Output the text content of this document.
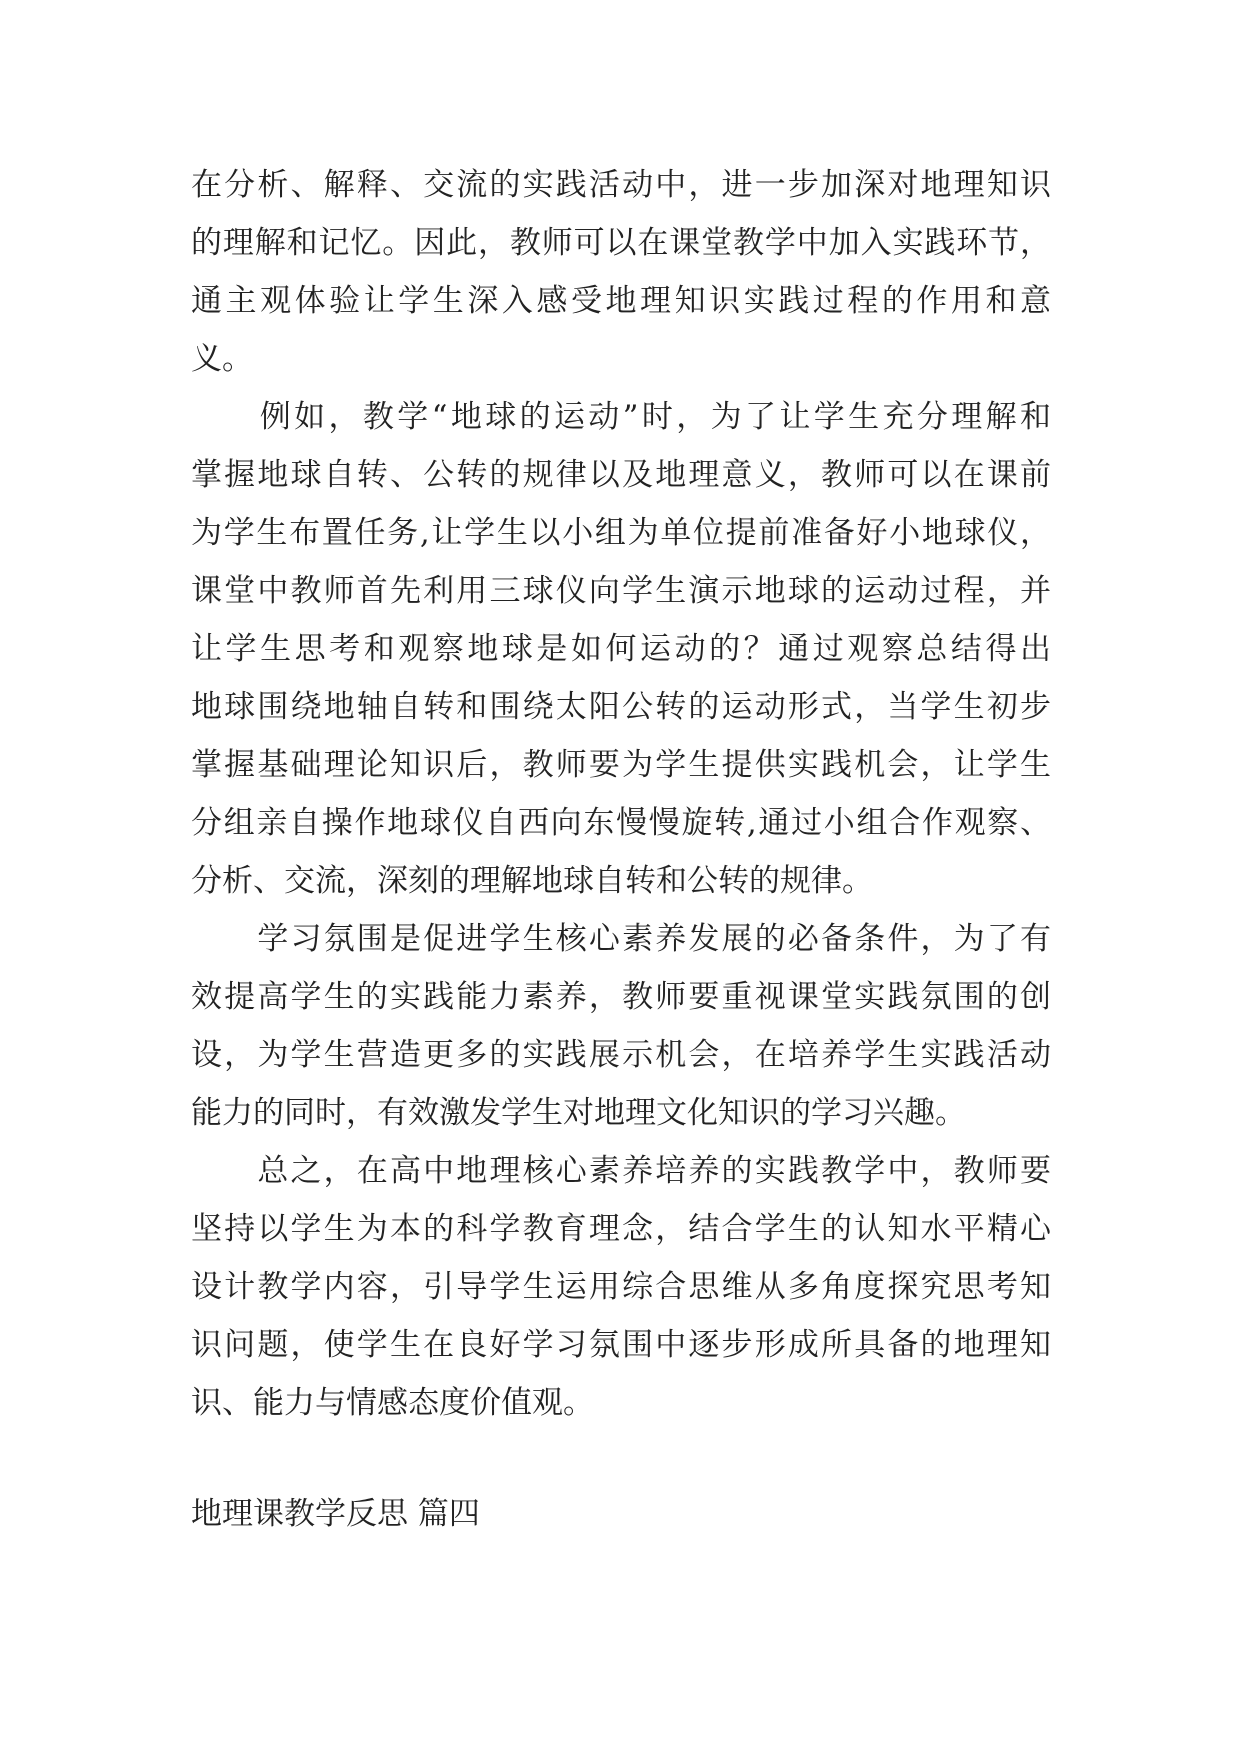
在分析、解释、交流的实践活动中，进一步加深对地理知识
的理解和记忆。因此，教师可以在课堂教学中加入实践环节，
通主观体验让学生深入感受地理知识实践过程的作用和意
义。
　　例如，教学“地球的运动”时，为了让学生充分理解和
掌握地球自转、公转的规律以及地理意义，教师可以在课前
为学生布置任务,让学生以小组为单位提前准备好小地球仪，
课堂中教师首先利用三球仪向学生演示地球的运动过程，并
让学生思考和观察地球是如何运动的？通过观察总结得出
地球围绕地轴自转和围绕太阳公转的运动形式，当学生初步
掌握基础理论知识后，教师要为学生提供实践机会，让学生
分组亲自操作地球仪自西向东慢慢旋转,通过小组合作观察、
分析、交流，深刻的理解地球自转和公转的规律。
　　学习氛围是促进学生核心素养发展的必备条件，为了有
效提高学生的实践能力素养，教师要重视课堂实践氛围的创
设，为学生营造更多的实践展示机会，在培养学生实践活动
能力的同时，有效激发学生对地理文化知识的学习兴趣。
　　总之，在高中地理核心素养培养的实践教学中，教师要
坚持以学生为本的科学教育理念，结合学生的认知水平精心
设计教学内容，引导学生运用综合思维从多角度探究思考知
识问题，使学生在良好学习氛围中逐步形成所具备的地理知
识、能力与情感态度价值观。
地理课教学反思 篇四
